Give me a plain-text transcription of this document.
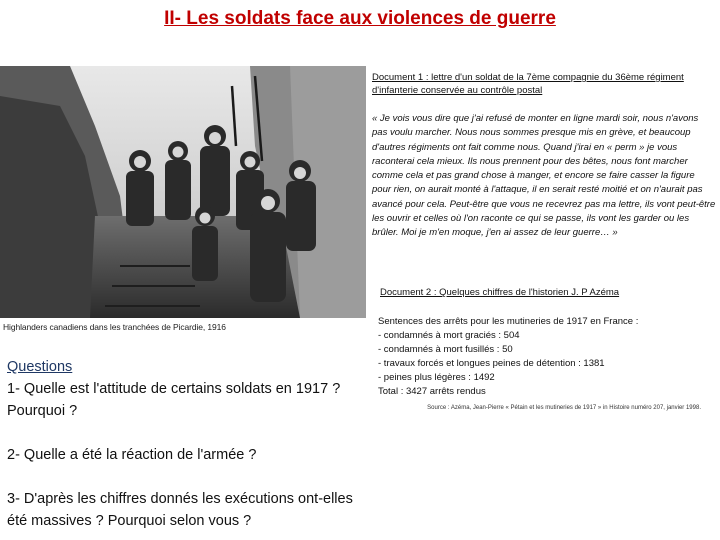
II- Les soldats face aux violences de guerre
Highlanders canadiens dans les tranchées de Picardie, 1916
Document 1 : lettre d'un soldat de la 7ème compagnie du 36ème régiment d'infanterie conservée au contrôle postal
« Je vois vous dire que j'ai refusé de monter en ligne mardi soir, nous n'avons pas voulu marcher. Nous nous sommes presque mis en grève, et beaucoup d'autres régiments ont fait comme nous. Quand j'irai en « perm » je vous raconterai cela mieux. Ils nous prennent pour des bêtes, nous font marcher comme cela et pas grand chose à manger, et encore se faire casser la figure pour rien, on aurait monté à l'attaque, il en serait resté moitié et on n'aurait pas avancé pour cela. Peut-être que vous ne recevrez pas ma lettre, ils vont peut-être les ouvrir et celles où l'on raconte ce qui se passe, ils vont les garder ou les brûler. Moi je m'en moque, j'en ai assez de leur guerre… »
Document 2 : Quelques chiffres de l'historien J. P Azéma
Sentences des arrêts pour les mutineries de 1917 en France :
- condamnés à mort graciés : 504
- condamnés à mort fusillés : 50
- travaux forcés et longues peines de détention : 1381
- peines plus légères : 1492
Total : 3427 arrêts rendus
Source : Azéma, Jean-Pierre « Pétain et les mutineries de 1917 » in Histoire numéro 207, janvier 1998.
Questions

1- Quelle est l'attitude de certains soldats en 1917 ? Pourquoi ?

2- Quelle a été la réaction de l'armée ?

3- D'après les chiffres donnés les exécutions ont-elles été massives ? Pourquoi selon vous ?
